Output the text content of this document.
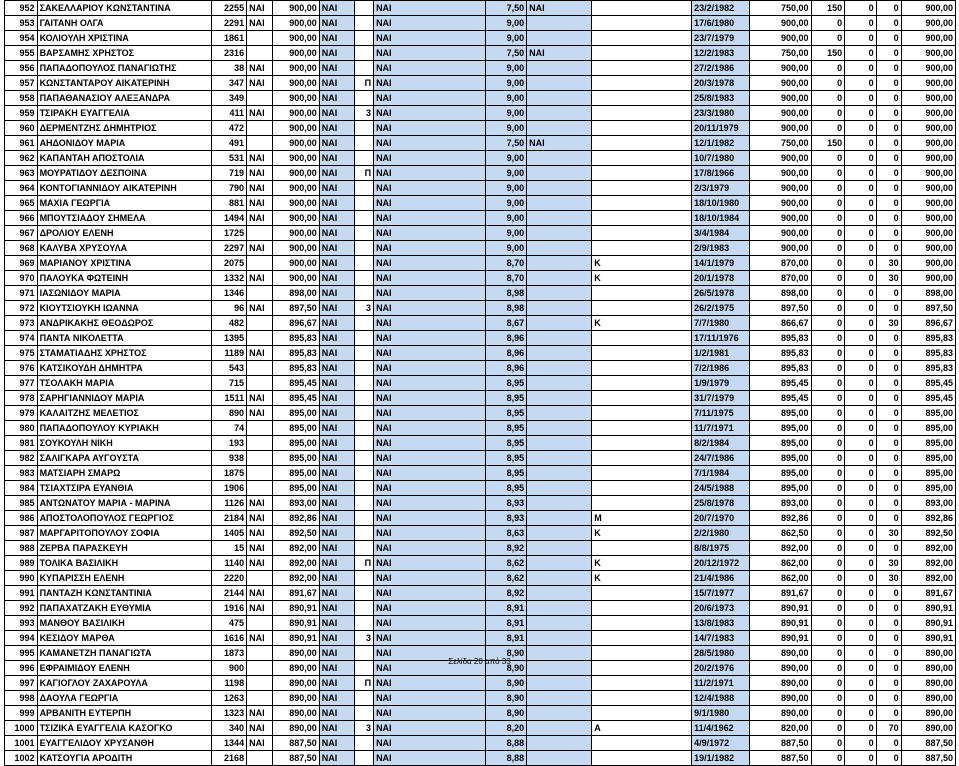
952	ΣΑΚΕΛΛΑΡΙΟΥ ΚΩΝΣΤΑΝΤΙΝΑ	2255	ΝΑΙ	900,00	ΝΑΙ		ΝΑΙ	7,50	ΝΑΙ		23/2/1982	750,00	150	0	0	900,00
953	ΓΑΙΤΑΝΗ ΟΛΓΑ	2291	ΝΑΙ	900,00	ΝΑΙ		ΝΑΙ	9,00			17/6/1980	900,00	0	0	0	900,00
954	ΚΟΛΙΟΥΛΗ ΧΡΙΣΤΙΝΑ	1861		900,00	ΝΑΙ		ΝΑΙ	9,00			23/7/1979	900,00	0	0	0	900,00
955	ΒΑΡΣΑΜΗΣ ΧΡΗΣΤΟΣ	2316		900,00	ΝΑΙ		ΝΑΙ	7,50	ΝΑΙ		12/2/1983	750,00	150	0	0	900,00
956	ΠΑΠΑΔΟΠΟΥΛΟΣ ΠΑΝΑΓΙΩΤΗΣ	38	ΝΑΙ	900,00	ΝΑΙ		ΝΑΙ	9,00			27/2/1986	900,00	0	0	0	900,00
957	ΚΩΝΣΤΑΝΤΑΡΟΥ ΑΙΚΑΤΕΡΙΝΗ	347	ΝΑΙ	900,00	ΝΑΙ	Π	ΝΑΙ	9,00			20/3/1978	900,00	0	0	0	900,00
958	ΠΑΠΑΘΑΝΑΣΙΟΥ ΑΛΕΞΑΝΔΡΑ	349		900,00	ΝΑΙ		ΝΑΙ	9,00			25/8/1983	900,00	0	0	0	900,00
959	ΤΣΙΡΑΚΗ ΕΥΑΓΓΕΛΙΑ	411	ΝΑΙ	900,00	ΝΑΙ	3	ΝΑΙ	9,00			23/3/1980	900,00	0	0	0	900,00
960	ΔΕΡΜΕΝΤΖΗΣ ΔΗΜΗΤΡΙΟΣ	472		900,00	ΝΑΙ		ΝΑΙ	9,00			20/11/1979	900,00	0	0	0	900,00
961	ΑΗΔΟΝΙΔΟΥ ΜΑΡΙΑ	491		900,00	ΝΑΙ		ΝΑΙ	7,50	ΝΑΙ		12/1/1982	750,00	150	0	0	900,00
962	ΚΑΠΑΝΤΑΗ ΑΠΟΣΤΟΛΙΑ	531	ΝΑΙ	900,00	ΝΑΙ		ΝΑΙ	9,00			10/7/1980	900,00	0	0	0	900,00
963	ΜΟΥΡΑΤΙΔΟΥ ΔΕΣΠΟΙΝΑ	719	ΝΑΙ	900,00	ΝΑΙ	Π	ΝΑΙ	9,00			17/8/1966	900,00	0	0	0	900,00
964	ΚΟΝΤΟΓΙΑΝΝΙΔΟΥ ΑΙΚΑΤΕΡΙΝΗ	790	ΝΑΙ	900,00	ΝΑΙ		ΝΑΙ	9,00			2/3/1979	900,00	0	0	0	900,00
965	ΜΑΧΙΑ ΓΕΩΡΓΙΑ	881	ΝΑΙ	900,00	ΝΑΙ		ΝΑΙ	9,00			18/10/1980	900,00	0	0	0	900,00
966	ΜΠΟΥΤΣΙΑΔΟΥ ΣΗΜΕΛΑ	1494	ΝΑΙ	900,00	ΝΑΙ		ΝΑΙ	9,00			18/10/1984	900,00	0	0	0	900,00
967	ΔΡΟΛΙΟΥ ΕΛΕΝΗ	1725		900,00	ΝΑΙ		ΝΑΙ	9,00			3/4/1984	900,00	0	0	0	900,00
968	ΚΑΛΥΒΑ ΧΡΥΣΟΥΛΑ	2297	ΝΑΙ	900,00	ΝΑΙ		ΝΑΙ	9,00			2/9/1983	900,00	0	0	0	900,00
969	ΜΑΡΙΑΝΟΥ ΧΡΙΣΤΙΝΑ	2075		900,00	ΝΑΙ		ΝΑΙ	8,70		Κ	14/1/1979	870,00	0	0	30	900,00
970	ΠΑΛΟΥΚΑ ΦΩΤΕΙΝΗ	1332	ΝΑΙ	900,00	ΝΑΙ		ΝΑΙ	8,70		Κ	20/1/1978	870,00	0	0	30	900,00
971	ΙΑΣΩΝΙΔΟΥ ΜΑΡΙΑ	1346		898,00	ΝΑΙ		ΝΑΙ	8,98			26/5/1978	898,00	0	0	0	898,00
972	ΚΙΟΥΤΣΙΟΥΚΗ ΙΩΑΝΝΑ	96	ΝΑΙ	897,50	ΝΑΙ	3	ΝΑΙ	8,98			26/2/1975	897,50	0	0	0	897,50
973	ΑΝΔΡΙΚΑΚΗΣ ΘΕΟΔΩΡΟΣ	482		896,67	ΝΑΙ		ΝΑΙ	8,67		Κ	7/7/1980	866,67	0	0	30	896,67
974	ΠΑΝΤΑ ΝΙΚΟΛΕΤΤΑ	1395		895,83	ΝΑΙ		ΝΑΙ	8,96			17/11/1976	895,83	0	0	0	895,83
975	ΣΤΑΜΑΤΙΑΔΗΣ ΧΡΗΣΤΟΣ	1189	ΝΑΙ	895,83	ΝΑΙ		ΝΑΙ	8,96			1/2/1981	895,83	0	0	0	895,83
976	ΚΑΤΣΙΚΟΥΔΗ ΔΗΜΗΤΡΑ	543		895,83	ΝΑΙ		ΝΑΙ	8,96			7/2/1986	895,83	0	0	0	895,83
977	ΤΣΟΛΑΚΗ ΜΑΡΙΑ	715		895,45	ΝΑΙ		ΝΑΙ	8,95			1/9/1979	895,45	0	0	0	895,45
978	ΣΑΡΗΓΙΑΝΝΙΔΟΥ ΜΑΡΙΑ	1511	ΝΑΙ	895,45	ΝΑΙ		ΝΑΙ	8,95			31/7/1979	895,45	0	0	0	895,45
979	ΚΑΛΑΙΤΖΗΣ ΜΕΛΕΤΙΟΣ	890	ΝΑΙ	895,00	ΝΑΙ		ΝΑΙ	8,95			7/11/1975	895,00	0	0	0	895,00
980	ΠΑΠΑΔΟΠΟΥΛΟΥ ΚΥΡΙΑΚΗ	74		895,00	ΝΑΙ		ΝΑΙ	8,95			11/7/1971	895,00	0	0	0	895,00
981	ΣΟΥΚΟΥΛΗ ΝΙΚΗ	193		895,00	ΝΑΙ		ΝΑΙ	8,95			8/2/1984	895,00	0	0	0	895,00
982	ΣΑΛΙΓΚΑΡΑ ΑΥΓΟΥΣΤΑ	938		895,00	ΝΑΙ		ΝΑΙ	8,95			24/7/1986	895,00	0	0	0	895,00
983	ΜΑΤΣΙΑΡΗ ΣΜΑΡΩ	1875		895,00	ΝΑΙ		ΝΑΙ	8,95			7/1/1984	895,00	0	0	0	895,00
984	ΤΣΙΑΧΤΣΙΡΑ ΕΥΑΝΘΙΑ	1906		895,00	ΝΑΙ		ΝΑΙ	8,95			24/5/1988	895,00	0	0	0	895,00
985	ΑΝΤΩΝΑΤΟΥ ΜΑΡΙΑ - ΜΑΡΙΝΑ	1126	ΝΑΙ	893,00	ΝΑΙ		ΝΑΙ	8,93			25/8/1978	893,00	0	0	0	893,00
986	ΑΠΟΣΤΟΛΟΠΟΥΛΟΣ ΓΕΩΡΓΙΟΣ	2184	ΝΑΙ	892,86	ΝΑΙ		ΝΑΙ	8,93		Μ	20/7/1970	892,86	0	0	0	892,86
987	ΜΑΡΓΑΡΙΤΟΠΟΥΛΟΥ ΣΟΦΙΑ	1405	ΝΑΙ	892,50	ΝΑΙ		ΝΑΙ	8,63		Κ	2/2/1980	862,50	0	0	30	892,50
988	ΖΕΡΒΑ ΠΑΡΑΣΚΕΥΗ	15	ΝΑΙ	892,00	ΝΑΙ		ΝΑΙ	8,92			8/8/1975	892,00	0	0	0	892,00
989	ΤΟΛΙΚΑ ΒΑΣΙΛΙΚΗ	1140	ΝΑΙ	892,00	ΝΑΙ	Π	ΝΑΙ	8,62		Κ	20/12/1972	862,00	0	0	30	892,00
990	ΚΥΠΑΡΙΣΣΗ ΕΛΕΝΗ	2220		892,00	ΝΑΙ		ΝΑΙ	8,62		Κ	21/4/1986	862,00	0	0	30	892,00
991	ΠΑΝΤΑΖΗ ΚΩΝΣΤΑΝΤΙΝΙΑ	2144	ΝΑΙ	891,67	ΝΑΙ		ΝΑΙ	8,92			15/7/1977	891,67	0	0	0	891,67
992	ΠΑΠΑΧΑΤΖΑΚΗ ΕΥΘΥΜΙΑ	1916	ΝΑΙ	890,91	ΝΑΙ		ΝΑΙ	8,91			20/6/1973	890,91	0	0	0	890,91
993	ΜΑΝΘΟΥ ΒΑΣΙΛΙΚΗ	475		890,91	ΝΑΙ		ΝΑΙ	8,91			13/8/1983	890,91	0	0	0	890,91
994	ΚΕΣΙΔΟΥ ΜΑΡΘΑ	1616	ΝΑΙ	890,91	ΝΑΙ	3	ΝΑΙ	8,91			14/7/1983	890,91	0	0	0	890,91
995	ΚΑΜΑΝΕΤΖΗ ΠΑΝΑΓΙΩΤΑ	1873		890,00	ΝΑΙ		ΝΑΙ	8,90			28/5/1980	890,00	0	0	0	890,00
996	ΕΦΡΑΙΜΙΔΟΥ ΕΛΕΝΗ	900		890,00	ΝΑΙ		ΝΑΙ	8,90			20/2/1976	890,00	0	0	0	890,00
997	ΚΑΓΙΟΓΛΟΥ ΖΑΧΑΡΟΥΛΑ	1198		890,00	ΝΑΙ	Π	ΝΑΙ	8,90			11/2/1971	890,00	0	0	0	890,00
998	ΔΑΟΥΛΑ ΓΕΩΡΓΙΑ	1263		890,00	ΝΑΙ		ΝΑΙ	8,90			12/4/1988	890,00	0	0	0	890,00
999	ΑΡΒΑΝΙΤΗ ΕΥΤΕΡΠΗ	1323	ΝΑΙ	890,00	ΝΑΙ		ΝΑΙ	8,90			9/1/1980	890,00	0	0	0	890,00
1000	ΤΣΙΖΙΚΑ ΕΥΑΓΓΕΛΙΑ ΚΑΣΟΓΚΟ	340	ΝΑΙ	890,00	ΝΑΙ	3	ΝΑΙ	8,20		Α	11/4/1962	820,00	0	0	70	890,00
1001	ΕΥΑΓΓΕΛΙΔΟΥ ΧΡΥΣΑΝΘΗ	1344	ΝΑΙ	887,50	ΝΑΙ		ΝΑΙ	8,88			4/9/1972	887,50	0	0	0	887,50
1002	ΚΑΤΣΟΥΓΙΑ ΑΡΟΔΙΤΗ	2168		887,50	ΝΑΙ		ΝΑΙ	8,88			19/1/1982	887,50	0	0	0	887,50
Σελίδα 20 από 33
